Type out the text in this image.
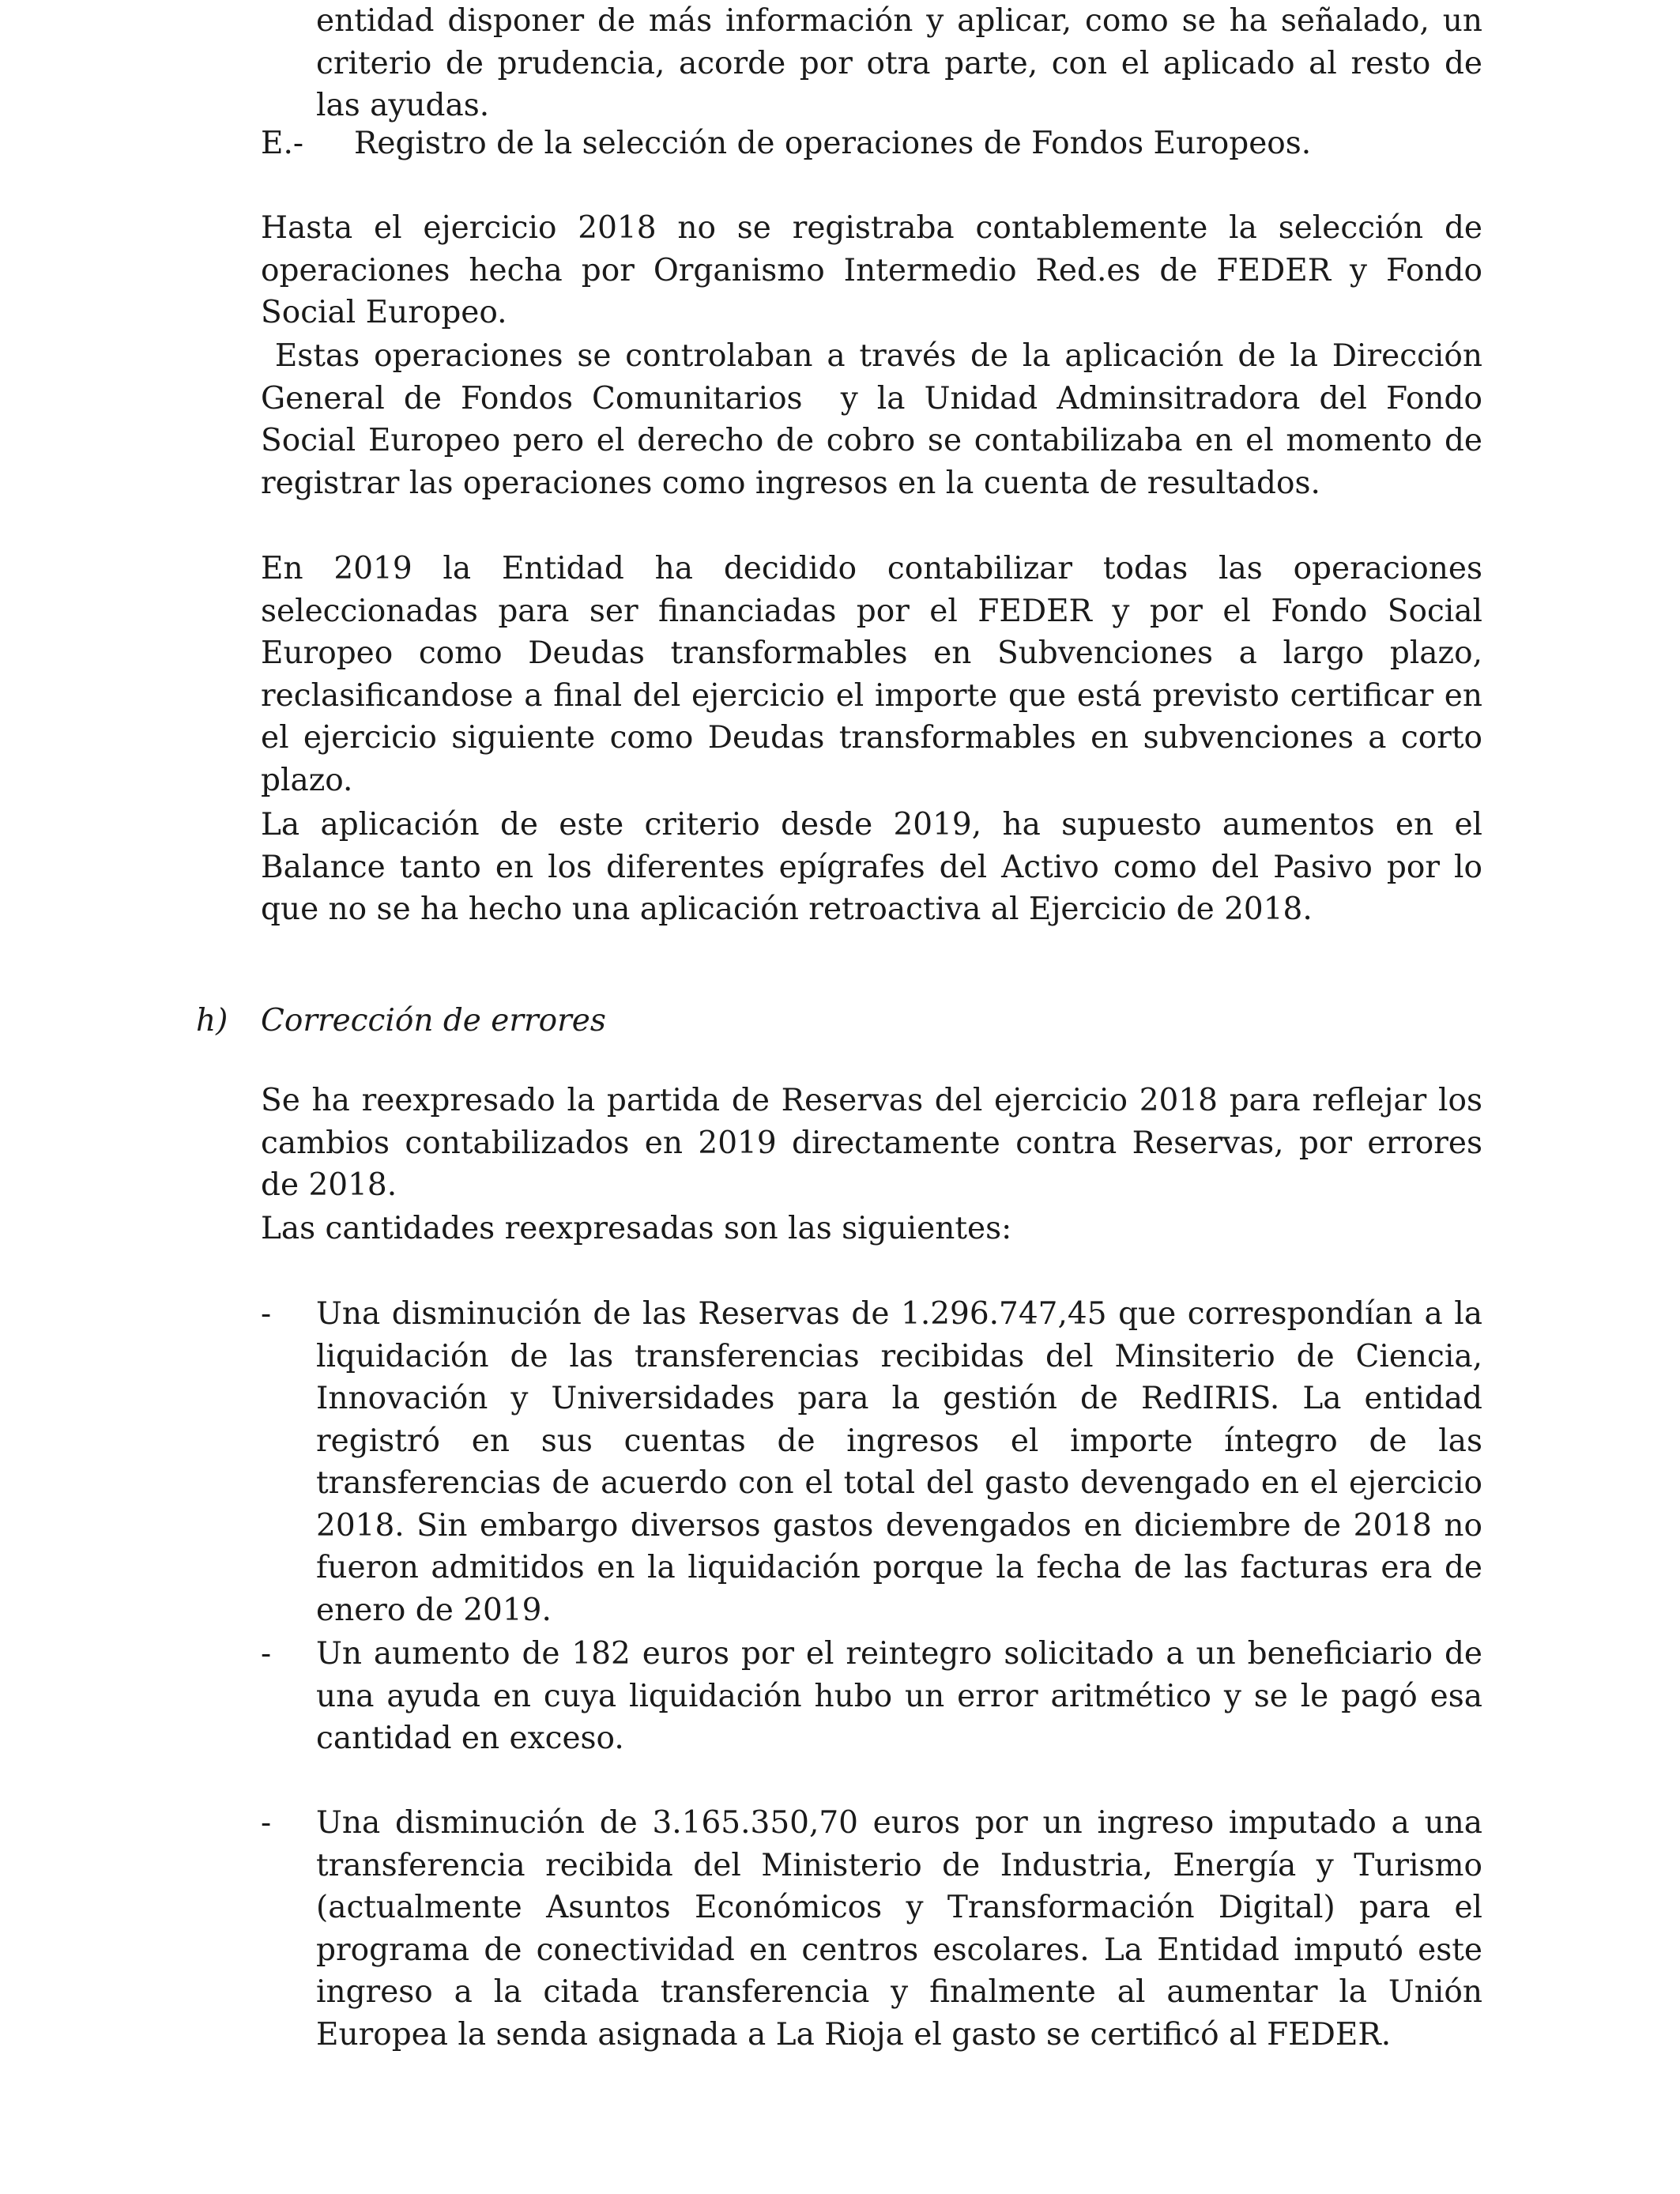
entidad disponer de más información y aplicar, como se ha señalado, un criterio de prudencia, acorde por otra parte, con el aplicado al resto de las ayudas.

E.- Registro de la selección de operaciones de Fondos Europeos.

Hasta el ejercicio 2018 no se registraba contablemente la selección de operaciones hecha por Organismo Intermedio Red.es de FEDER y Fondo Social Europeo.

Estas operaciones se controlaban a través de la aplicación de la Dirección General de Fondos Comunitarios  y la Unidad Adminsitradora del Fondo Social Europeo pero el derecho de cobro se contabilizaba en el momento de registrar las operaciones como ingresos en la cuenta de resultados.

En 2019 la Entidad ha decidido contabilizar todas las operaciones seleccionadas para ser financiadas por el FEDER y por el Fondo Social Europeo como Deudas transformables en Subvenciones a largo plazo, reclasificandose a final del ejercicio el importe que está previsto certificar en el ejercicio siguiente como Deudas transformables en subvenciones a corto plazo.

La aplicación de este criterio desde 2019, ha supuesto aumentos en el Balance tanto en los diferentes epígrafes del Activo como del Pasivo por lo que no se ha hecho una aplicación retroactiva al Ejercicio de 2018.

h) Corrección de errores

Se ha reexpresado la partida de Reservas del ejercicio 2018 para reflejar los cambios contabilizados en 2019 directamente contra Reservas, por errores de 2018.

Las cantidades reexpresadas son las siguientes:

- Una disminución de las Reservas de 1.296.747,45 que correspondían a la liquidación de las transferencias recibidas del Minsiterio de Ciencia, Innovación y Universidades para la gestión de RedIRIS. La entidad registró en sus cuentas de ingresos el importe íntegro de las transferencias de acuerdo con el total del gasto devengado en el ejercicio 2018. Sin embargo diversos gastos devengados en diciembre de 2018 no fueron admitidos en la liquidación porque la fecha de las facturas era de enero de 2019.

- Un aumento de 182 euros por el reintegro solicitado a un beneficiario de una ayuda en cuya liquidación hubo un error aritmético y se le pagó esa cantidad en exceso.

- Una disminución de 3.165.350,70 euros por un ingreso imputado a una transferencia recibida del Ministerio de Industria, Energía y Turismo (actualmente Asuntos Económicos y Transformación Digital) para el programa de conectividad en centros escolares. La Entidad imputó este ingreso a la citada transferencia y finalmente al aumentar la Unión Europea la senda asignada a La Rioja el gasto se certificó al FEDER.
